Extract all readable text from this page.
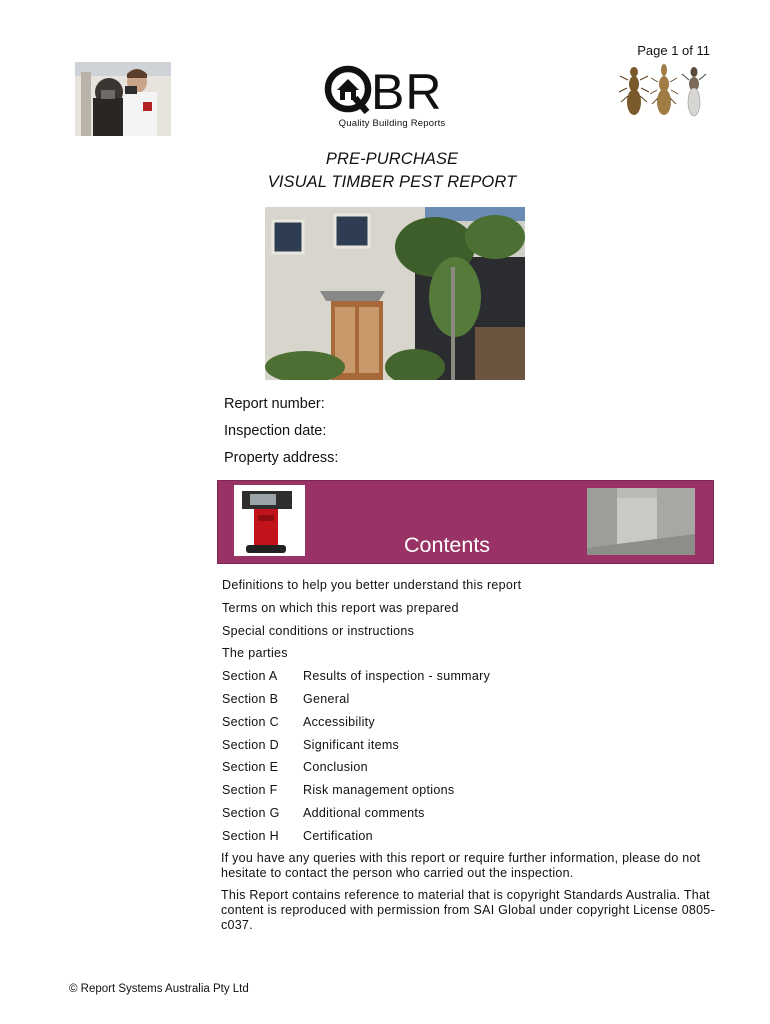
Page 1 of 11
BR
Quality Building Reports
PRE-PURCHASE
VISUAL TIMBER PEST REPORT
Report number:
Inspection date:
Property address:
Contents
Definitions to help you better understand this report
Terms on which this report was prepared
Special conditions or instructions
The parties
Section A Results of inspection - summary
Section B General
Section C Accessibility
Section D Significant items
Section E Conclusion
Section F Risk management options
Section G Additional comments
Section H Certification
If you have any queries with this report or require further information, please do not hesitate to contact the person who carried out the inspection.
This Report contains reference to material that is copyright Standards Australia. That content is reproduced with permission from SAI Global under copyright License 0805-c037.
© Report Systems Australia Pty Ltd
